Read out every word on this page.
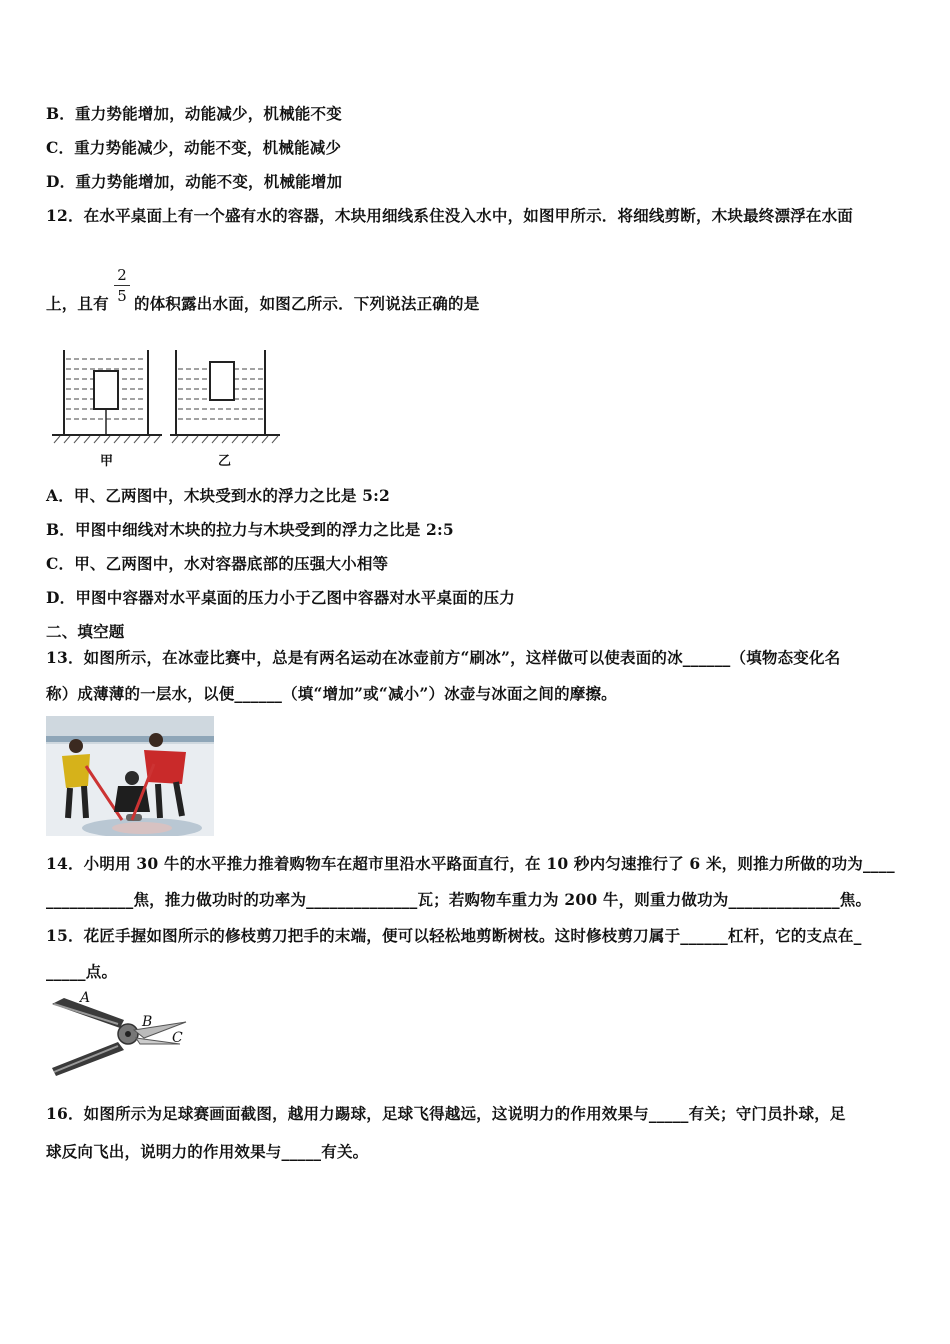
B．重力势能增加，动能减少，机械能不变
C．重力势能减少，动能不变，机械能减少
D．重力势能增加，动能不变，机械能增加
12．在水平桌面上有一个盛有水的容器，木块用细线系住没入水中，如图甲所示．将细线剪断，木块最终漂浮在水面
上，且有
2
5 的体积露出水面，如图乙所示．下列说法正确的是
甲	乙
A．甲、乙两图中，木块受到水的浮力之比是 5:2
B．甲图中细线对木块的拉力与木块受到的浮力之比是 2:5
C．甲、乙两图中，水对容器底部的压强大小相等
D．甲图中容器对水平桌面的压力小于乙图中容器对水平桌面的压力
二、填空题
13．如图所示，在冰壶比赛中，总是有两名运动在冰壶前方“刷冰”，这样做可以使表面的冰______（填物态变化名
称）成薄薄的一层水，以便______（填“增加”或“减小”）冰壶与冰面之间的摩擦。
14．小明用 30 牛的水平推力推着购物车在超市里沿水平路面直行，在 10 秒内匀速推行了 6 米，则推力所做的功为____
___________焦，推力做功时的功率为______________瓦；若购物车重力为 200 牛，则重力做功为______________焦。
15．花匠手握如图所示的修枝剪刀把手的末端，便可以轻松地剪断树枝。这时修枝剪刀属于______杠杆，它的支点在_
_____点。
A
B
C
16．如图所示为足球赛画面截图，越用力踢球，足球飞得越远，这说明力的作用效果与_____有关；守门员扑球，足
球反向飞出，说明力的作用效果与_____有关。
